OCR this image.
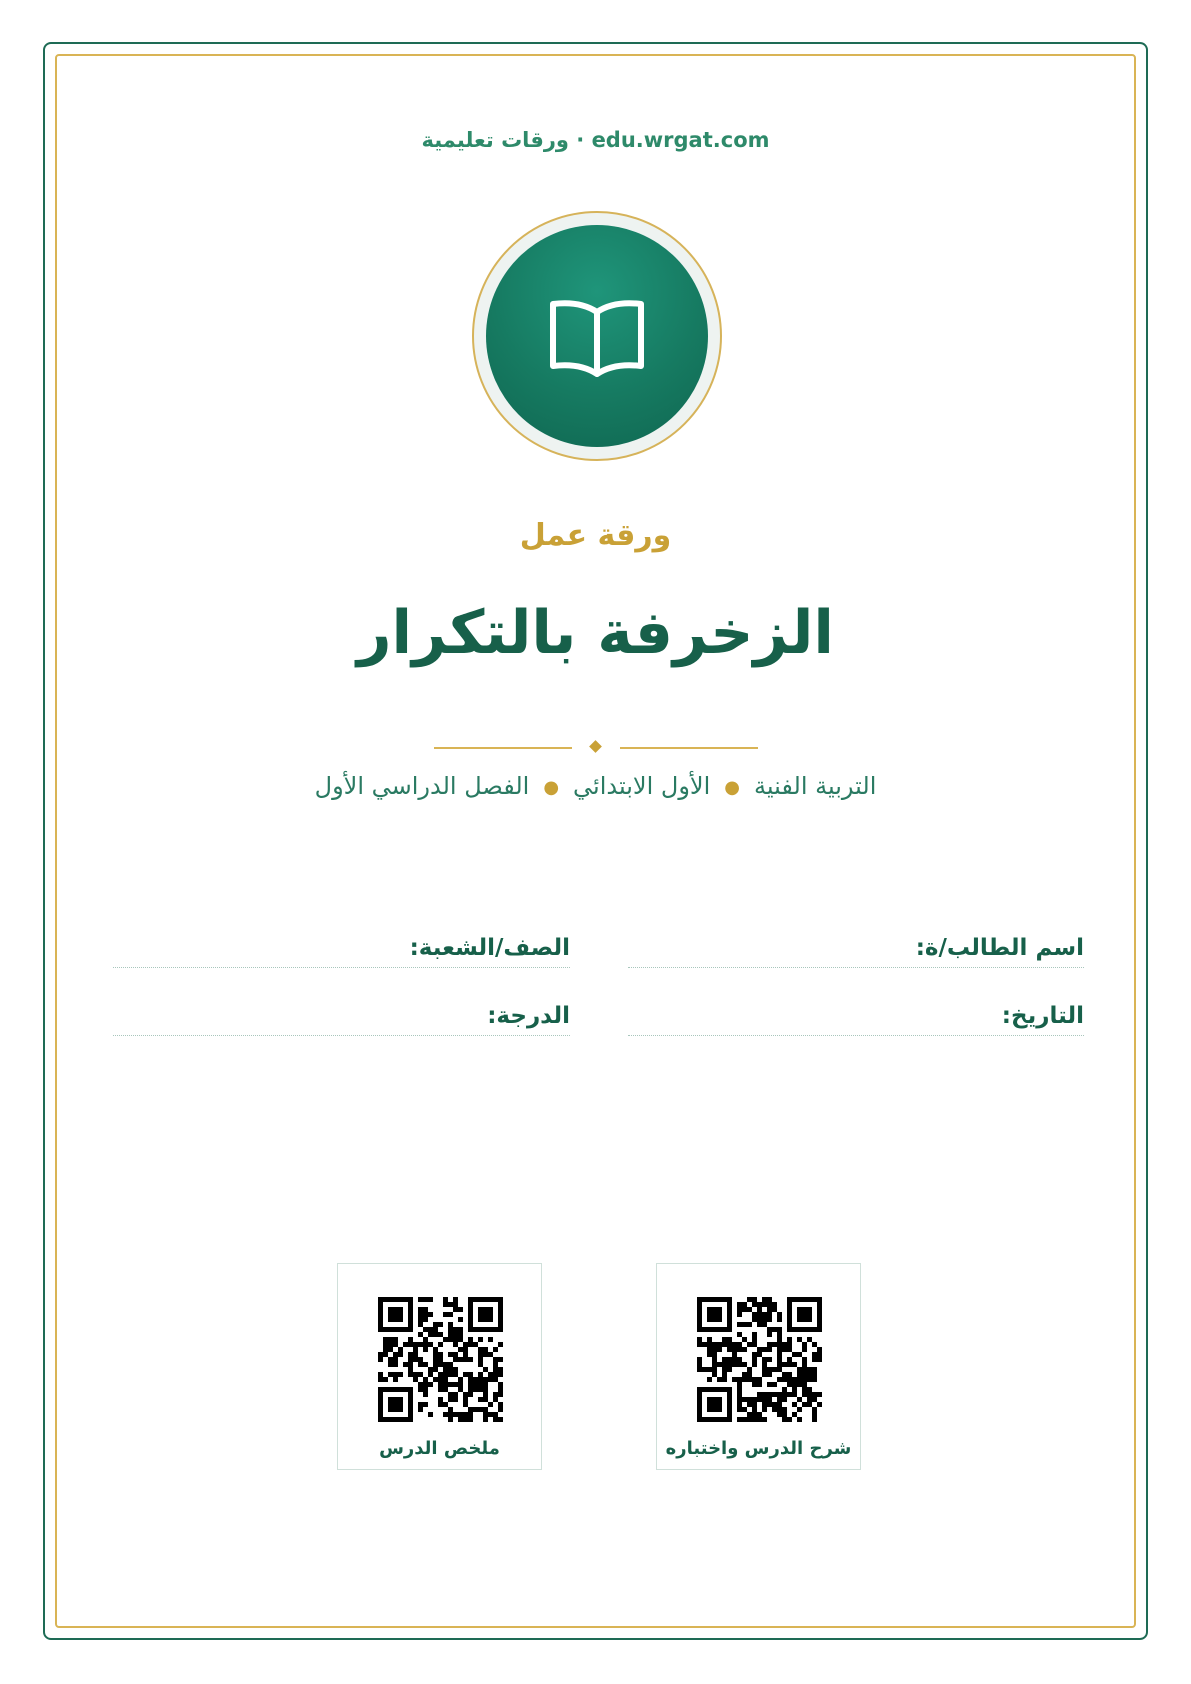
edu.wrgat.com · ورقات تعليمية
ورقة عمل
الزخرفة بالتكرار
التربية الفنية●الأول الابتدائي●الفصل الدراسي الأول
اسم الطالب/ة:
الصف/الشعبة:
التاريخ:
الدرجة:
شرح الدرس واختباره
ملخص الدرس
